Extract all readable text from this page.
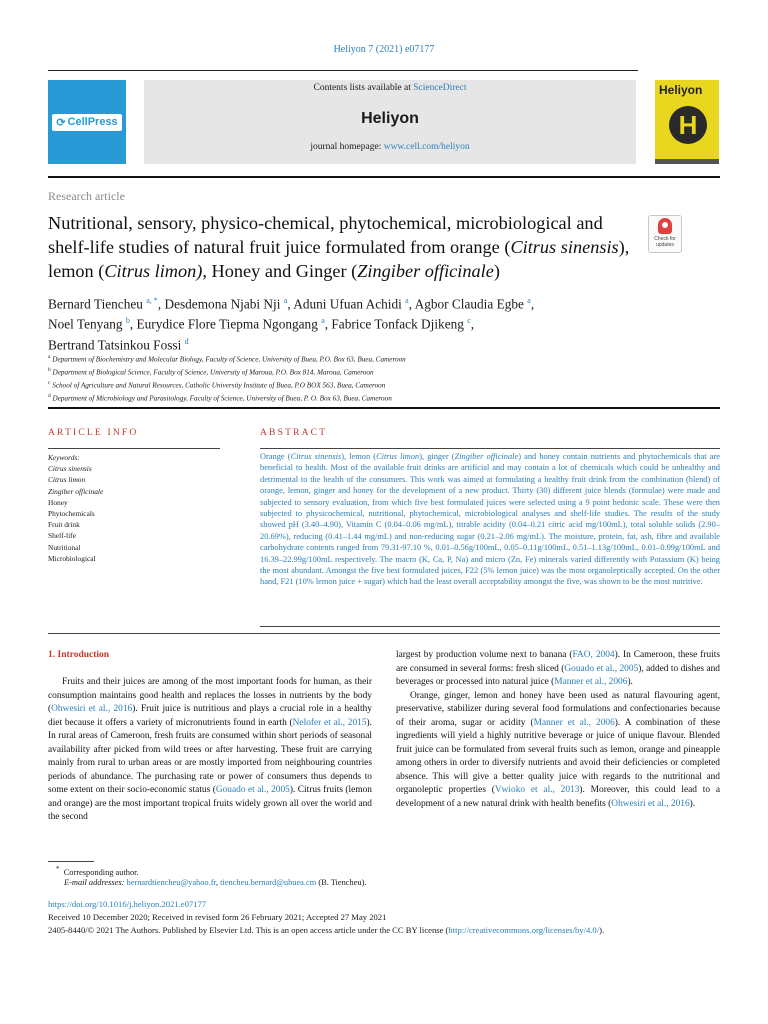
Heliyon 7 (2021) e07177
⟳ CellPress
Contents lists available at ScienceDirect
Heliyon
journal homepage: www.cell.com/heliyon
Heliyon
H
Research article
Nutritional, sensory, physico-chemical, phytochemical, microbiological and shelf-life studies of natural fruit juice formulated from orange (Citrus sinensis), lemon (Citrus limon), Honey and Ginger (Zingiber officinale)
Check for updates
Bernard Tiencheu $^{a, *}$, Desdemona Njabi Nji $^a$, Aduni Ufuan Achidi $^a$, Agbor Claudia Egbe $^a$,
Noel Tenyang $^b$, Eurydice Flore Tiepma Ngongang $^a$, Fabrice Tonfack Djikeng $^c$,
Bertrand Tatsinkou Fossi $^d$
$^a$ Department of Biochemistry and Molecular Biology, Faculty of Science, University of Buea, P.O. Box 63, Buea, Cameroon
$^b$ Department of Biological Science, Faculty of Science, University of Maroua, P.O. Box 814, Maroua, Cameroon
$^c$ School of Agriculture and Natural Resources, Catholic University Institute of Buea, P.O BOX 563, Buea, Cameroon
$^d$ Department of Microbiology and Parasitology, Faculty of Science, University of Buea, P. O. Box 63, Buea, Cameroon
ARTICLE INFO	ABSTRACT
Keywords:
Citrus sinensis
Citrus limon
Zingiber officinale
Honey
Phytochemicals
Fruit drink
Shelf-life
Nutritional
Microbiological
Orange (Citrus sinensis), lemon (Citrus limon), ginger (Zingiber officinale) and honey contain nutrients and phytochemicals that are beneficial to health. Most of the available fruit drinks are artificial and may contain a lot of chemicals which could be unhealthy and detrimental to the health of the consumers. This work was aimed at formulating a healthy fruit drink from the combination (blend) of orange, lemon, ginger and honey for the development of a new product. Thirty (30) different juice blends (formulae) were made and subjected to sensory evaluation, from which five best formulated juices were selected using a 9 point hedonic scale. These were then subjected to physicochemical, nutritional, phytochemical, microbiological analyses and shelf-life studies. The results of the study showed pH (3.40–4.90), Vitamin C (0.04–0.06 mg/mL), titrable acidity (0.04–0.21 citric acid mg/100mL), total soluble solids (2.90–20.69%), reducing (0.41–1.44 mg/mL) and non-reducing sugar (0.21–2.06 mg/mL). The moisture, protein, fat, ash, fibre and available carbohydrate contents ranged from 79.31-97.10 %, 0.01–0.56g/100mL, 0.05–0.11g/100mL, 0.51–1.13g/100mL, 0.01–0.09g/100mL and 16.39–22.99g/100mL respectively. The macro (K, Ca, P, Na) and micro (Zn, Fe) minerals varied differently with Potassium (K) being the most abundant. Amongst the five best formulated juices, F22 (5% lemon juice) was the most organoleptically accepted. On the other hand, F21 (10% lemon juice + sugar) which had the least overall acceptability amongst the five, was shown to be the most nutritive.
1. Introduction

Fruits and their juices are among of the most important foods for human, as their consumption maintains good health and replaces the losses in nutrients by the body (Ohwesiri et al., 2016). Fruit juice is nutritious and plays a crucial role in a healthy diet because it offers a variety of micronutrients found in earth (Nelofer et al., 2015). In rural areas of Cameroon, fresh fruits are consumed within short periods of seasonal availability after picked from wild trees or after harvesting. These fruit are carrying mainly from rural to urban areas or are mostly imported from neighbouring countries periods of abundance. The purchasing rate or power of consumers thus depends to some extent on their socio-economic status (Gouado et al., 2005). Citrus fruits (lemon and orange) are the most important tropical fruits widely grown all over the world and the second

largest by production volume next to banana (FAO, 2004). In Cameroon, these fruits are consumed in several forms: fresh sliced (Gouado et al., 2005), added to dishes and beverages or processed into natural juice (Manner et al., 2006).

Orange, ginger, lemon and honey have been used as natural flavouring agent, preservative, stabilizer during several food formulations and confectionaries because of their aroma, sugar or acidity (Manner et al., 2006). A combination of these ingredients will yield a highly nutritive beverage or juice of unique flavour. Blended fruit juice can be formulated from several fruits such as lemon, orange and pineapple among others in order to diversify nutrients and avoid their deficiencies or completed absence. This will give a better quality juice with regards to the nutritional and organoleptic properties (Vwioko et al., 2013). Moreover, this could lead to a development of a new natural drink with health benefits (Ohwesiri et al., 2016).

* Corresponding author.
E-mail addresses: bernardtiencheu@yahoo.fr, tiencheu.bernard@ubuea.cm (B. Tiencheu).
https://doi.org/10.1016/j.heliyon.2021.e07177
Received 10 December 2020; Received in revised form 26 February 2021; Accepted 27 May 2021
2405-8440/© 2021 The Authors. Published by Elsevier Ltd. This is an open access article under the CC BY license (http://creativecommons.org/licenses/by/4.0/).
